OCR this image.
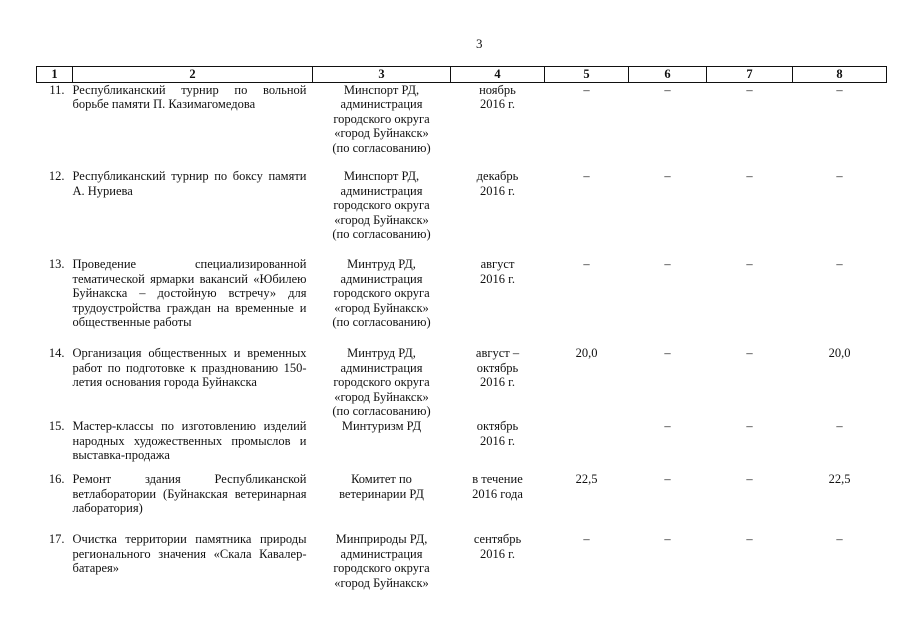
3
1	2	3	4	5	6	7	8
11.	Республиканский турнир по вольной борьбе памяти П. Казимагомедова	Минспорт РД,
администрация
городского округа
«город Буйнакск»
(по согласованию)	ноябрь
2016 г.	–	–	–	–
12.	Республиканский турнир по боксу памяти А. Нуриева	Минспорт РД,
администрация
городского округа
«город Буйнакск»
(по согласованию)	декабрь
2016 г.	–	–	–	–
13.	Проведение специализированной тематической ярмарки вакансий «Юбилею Буйнакска – достойную встречу» для трудоустройства граждан на временные и общественные работы	Минтруд РД,
администрация
городского округа
«город Буйнакск»
(по согласованию)	август
2016 г.	–	–	–	–
14.	Организация общественных и временных работ по подготовке к празднованию 150-летия основания города Буйнакска	Минтруд РД,
администрация
городского округа
«город Буйнакск»
(по согласованию)	август –
октябрь
2016 г.	20,0	–	–	20,0
15.	Мастер-классы по изготовлению изделий народных художественных промыслов и выставка-продажа	Минтуризм РД	октябрь
2016 г.		–	–	–
16.	Ремонт здания Республиканской ветлаборатории (Буйнакская ветеринарная лаборатория)	Комитет по
ветеринарии РД	в течение
2016 года	22,5	–	–	22,5
17.	Очистка территории памятника природы регионального значения «Скала Кавалер-батарея»	Минприроды РД,
администрация
городского округа
«город Буйнакск»	сентябрь
2016 г.	–	–	–	–
